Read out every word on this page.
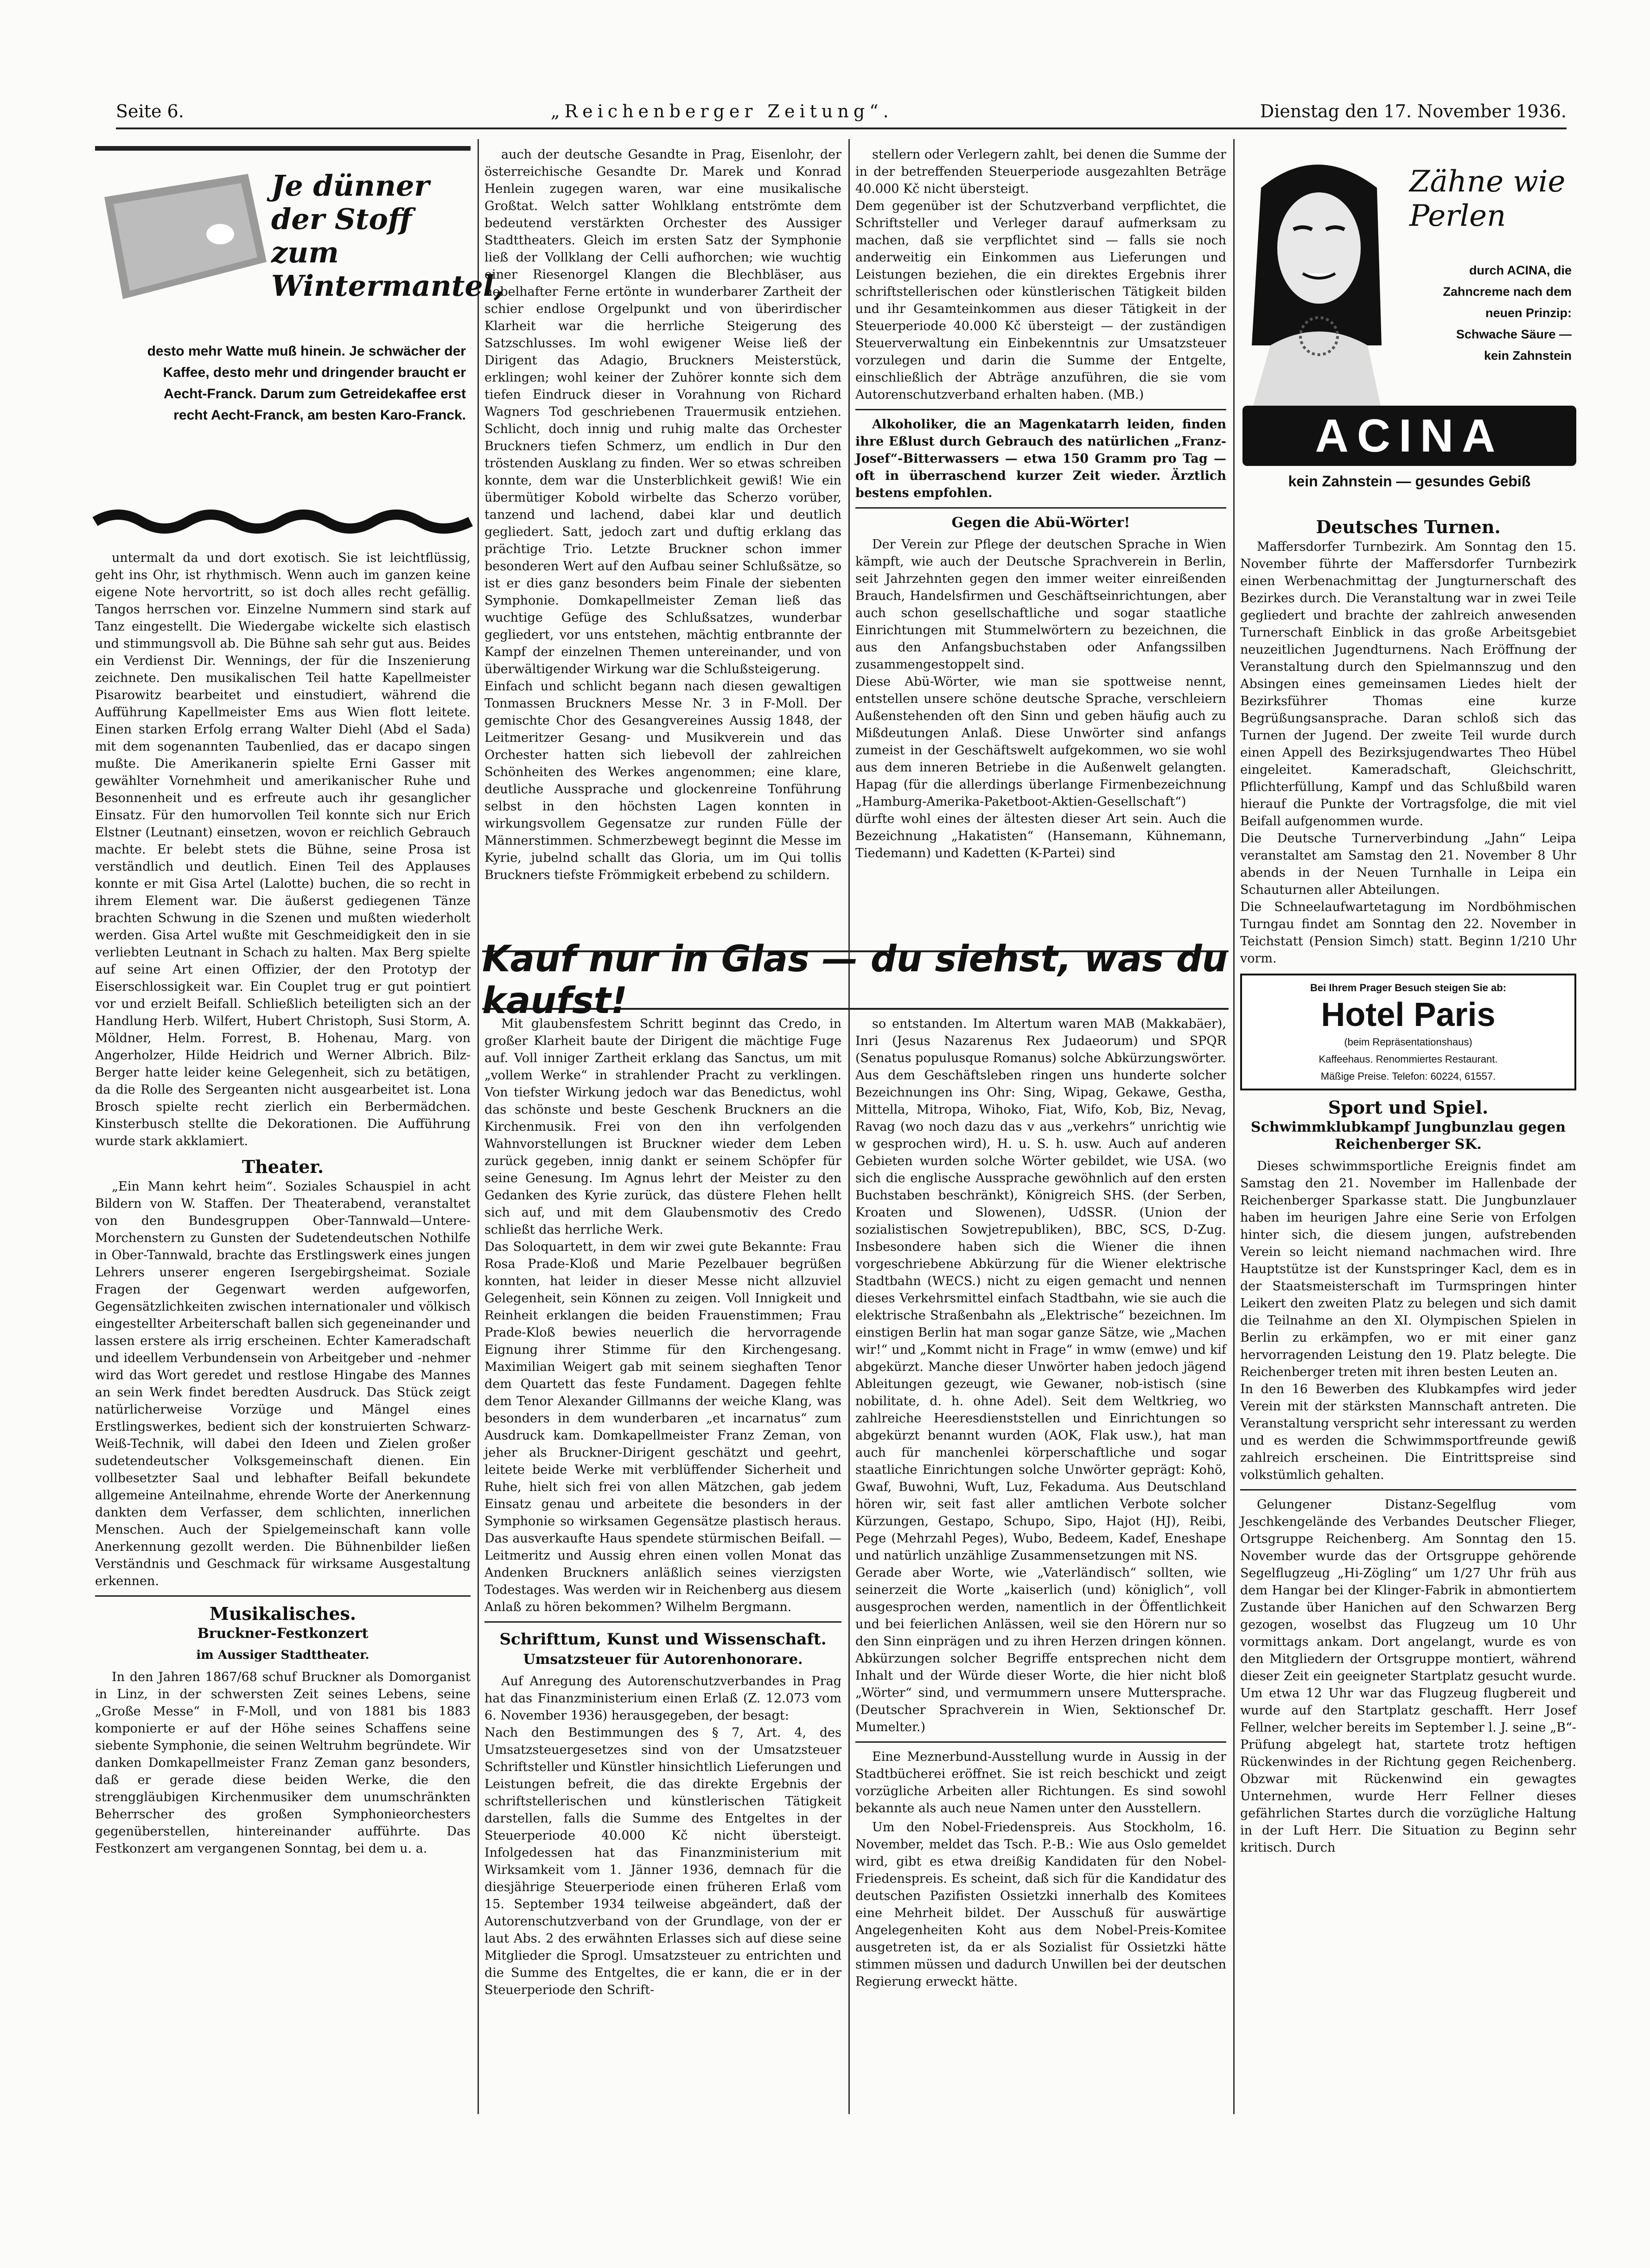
Seite 6.	„Reichenberger Zeitung“.	Dienstag den 17. November 1936.
Je dünner der Stoff zum Wintermantel,
desto mehr Watte muß hinein. Je schwächer der Kaffee, desto mehr und dringender braucht er Aecht-Franck. Darum zum Getreidekaffee erst recht Aecht-Franck, am besten Karo-Franck.

untermalt da und dort exotisch. Sie ist leichtflüssig, geht ins Ohr, ist rhythmisch. Wenn auch im ganzen keine eigene Note hervortritt, so ist doch alles recht gefällig. Tangos herrschen vor. Einzelne Nummern sind stark auf Tanz eingestellt. Die Wiedergabe wickelte sich elastisch und stimmungsvoll ab. Die Bühne sah sehr gut aus. Beides ein Verdienst Dir. Wennings, der für die Inszenierung zeichnete. Den musikalischen Teil hatte Kapellmeister Pisarowitz bearbeitet und einstudiert, während die Aufführung Kapellmeister Ems aus Wien flott leitete. Einen starken Erfolg errang Walter Diehl (Abd el Sada) mit dem sogenannten Taubenlied, das er dacapo singen mußte. Die Amerikanerin spielte Erni Gasser mit gewählter Vornehmheit und amerikanischer Ruhe und Besonnenheit und es erfreute auch ihr gesanglicher Einsatz. Für den humorvollen Teil konnte sich nur Erich Elstner (Leutnant) einsetzen, wovon er reichlich Gebrauch machte. Er belebt stets die Bühne, seine Prosa ist verständlich und deutlich. Einen Teil des Applauses konnte er mit Gisa Artel (Lalotte) buchen, die so recht in ihrem Element war. Die äußerst gediegenen Tänze brachten Schwung in die Szenen und mußten wiederholt werden. Gisa Artel wußte mit Geschmeidigkeit den in sie verliebten Leutnant in Schach zu halten. Max Berg spielte auf seine Art einen Offizier, der den Prototyp der Eiserschlossigkeit war. Ein Couplet trug er gut pointiert vor und erzielt Beifall. Schließlich beteiligten sich an der Handlung Herb. Wilfert, Hubert Christoph, Susi Storm, A. Möldner, Helm. Forrest, B. Hohenau, Marg. von Angerholzer, Hilde Heidrich und Werner Albrich. Bilz-Berger hatte leider keine Gelegenheit, sich zu betätigen, da die Rolle des Sergeanten nicht ausgearbeitet ist. Lona Brosch spielte recht zierlich ein Berbermädchen. Kinsterbusch stellte die Dekorationen. Die Aufführung wurde stark akklamiert.

Theater.

„Ein Mann kehrt heim“. Soziales Schauspiel in acht Bildern von W. Staffen. Der Theaterabend, veranstaltet von den Bundesgruppen Ober-Tannwald—Untere-Morchenstern zu Gunsten der Sudetendeutschen Nothilfe in Ober-Tannwald, brachte das Erstlingswerk eines jungen Lehrers unserer engeren Isergebirgsheimat. Soziale Fragen der Gegenwart werden aufgeworfen, Gegensätzlichkeiten zwischen internationaler und völkisch eingestellter Arbeiterschaft ballen sich gegeneinander und lassen erstere als irrig erscheinen. Echter Kameradschaft und ideellem Verbundensein von Arbeitgeber und -nehmer wird das Wort geredet und restlose Hingabe des Mannes an sein Werk findet beredten Ausdruck. Das Stück zeigt natürlicherweise Vorzüge und Mängel eines Erstlingswerkes, bedient sich der konstruierten Schwarz-Weiß-Technik, will dabei den Ideen und Zielen großer sudetendeutscher Volksgemeinschaft dienen. Ein vollbesetzter Saal und lebhafter Beifall bekundete allgemeine Anteilnahme, ehrende Worte der Anerkennung dankten dem Verfasser, dem schlichten, innerlichen Menschen. Auch der Spielgemeinschaft kann volle Anerkennung gezollt werden. Die Bühnenbilder ließen Verständnis und Geschmack für wirksame Ausgestaltung erkennen.

Musikalisches.
Bruckner-Festkonzert
im Aussiger Stadttheater.

In den Jahren 1867/68 schuf Bruckner als Domorganist in Linz, in der schwersten Zeit seines Lebens, seine „Große Messe“ in F-Moll, und von 1881 bis 1883 komponierte er auf der Höhe seines Schaffens seine siebente Symphonie, die seinen Weltruhm begründete. Wir danken Domkapellmeister Franz Zeman ganz besonders, daß er gerade diese beiden Werke, die den strenggläubigen Kirchenmusiker dem unumschränkten Beherrscher des großen Symphonieorchesters gegenüberstellen, hintereinander aufführte. Das Festkonzert am vergangenen Sonntag, bei dem u. a.

auch der deutsche Gesandte in Prag, Eisenlohr, der österreichische Gesandte Dr. Marek und Konrad Henlein zugegen waren, war eine musikalische Großtat. Welch satter Wohlklang entströmte dem bedeutend verstärkten Orchester des Aussiger Stadttheaters. Gleich im ersten Satz der Symphonie ließ der Vollklang der Celli aufhorchen; wie wuchtig einer Riesenorgel Klangen die Blechbläser, aus nebelhafter Ferne ertönte in wunderbarer Zartheit der schier endlose Orgelpunkt und von überirdischer Klarheit war die herrliche Steigerung des Satzschlusses. Im wohl ewigener Weise ließ der Dirigent das Adagio, Bruckners Meisterstück, erklingen; wohl keiner der Zuhörer konnte sich dem tiefen Eindruck dieser in Vorahnung von Richard Wagners Tod geschriebenen Trauermusik entziehen. Schlicht, doch innig und ruhig malte das Orchester Bruckners tiefen Schmerz, um endlich in Dur den tröstenden Ausklang zu finden. Wer so etwas schreiben konnte, dem war die Unsterblichkeit gewiß! Wie ein übermütiger Kobold wirbelte das Scherzo vorüber, tanzend und lachend, dabei klar und deutlich gegliedert. Satt, jedoch zart und duftig erklang das prächtige Trio. Letzte Bruckner schon immer besonderen Wert auf den Aufbau seiner Schlußsätze, so ist er dies ganz besonders beim Finale der siebenten Symphonie. Domkapellmeister Zeman ließ das wuchtige Gefüge des Schlußsatzes, wunderbar gegliedert, vor uns entstehen, mächtig entbrannte der Kampf der einzelnen Themen untereinander, und von überwältigender Wirkung war die Schlußsteigerung.
Einfach und schlicht begann nach diesen gewaltigen Tonmassen Bruckners Messe Nr. 3 in F-Moll. Der gemischte Chor des Gesangvereines Aussig 1848, der Leitmeritzer Gesang- und Musikverein und das Orchester hatten sich liebevoll der zahlreichen Schönheiten des Werkes angenommen; eine klare, deutliche Aussprache und glockenreine Tonführung selbst in den höchsten Lagen konnten in wirkungsvollem Gegensatze zur runden Fülle der Männerstimmen. Schmerzbewegt beginnt die Messe im Kyrie, jubelnd schallt das Gloria, um im Qui tollis Bruckners tiefste Frömmigkeit erbebend zu schildern.

stellern oder Verlegern zahlt, bei denen die Summe der in der betreffenden Steuerperiode ausgezahlten Beträge 40.000 Kč nicht übersteigt.
Dem gegenüber ist der Schutzverband verpflichtet, die Schriftsteller und Verleger darauf aufmerksam zu machen, daß sie verpflichtet sind — falls sie noch anderweitig ein Einkommen aus Lieferungen und Leistungen beziehen, die ein direktes Ergebnis ihrer schriftstellerischen oder künstlerischen Tätigkeit bilden und ihr Gesamteinkommen aus dieser Tätigkeit in der Steuerperiode 40.000 Kč übersteigt — der zuständigen Steuerverwaltung ein Einbekenntnis zur Umsatzsteuer vorzulegen und darin die Summe der Entgelte, einschließlich der Abträge anzuführen, die sie vom Autorenschutzverband erhalten haben. (MB.)

Alkoholiker, die an Magenkatarrh leiden, finden ihre Eßlust durch Gebrauch des natürlichen „Franz-Josef“-Bitterwassers — etwa 150 Gramm pro Tag — oft in überraschend kurzer Zeit wieder. Ärztlich bestens empfohlen.

Gegen die Abü-Wörter!

Der Verein zur Pflege der deutschen Sprache in Wien kämpft, wie auch der Deutsche Sprachverein in Berlin, seit Jahrzehnten gegen den immer weiter einreißenden Brauch, Handelsfirmen und Geschäftseinrichtungen, aber auch schon gesellschaftliche und sogar staatliche Einrichtungen mit Stummelwörtern zu bezeichnen, die aus den Anfangsbuchstaben oder Anfangssilben zusammengestoppelt sind.
Diese Abü-Wörter, wie man sie spottweise nennt, entstellen unsere schöne deutsche Sprache, verschleiern Außenstehenden oft den Sinn und geben häufig auch zu Mißdeutungen Anlaß. Diese Unwörter sind anfangs zumeist in der Geschäftswelt aufgekommen, wo sie wohl aus dem inneren Betriebe in die Außenwelt gelangten. Hapag (für die allerdings überlange Firmenbezeichnung „Hamburg-Amerika-Paketboot-Aktien-Gesellschaft“) dürfte wohl eines der ältesten dieser Art sein. Auch die Bezeichnung „Hakatisten“ (Hansemann, Kühnemann, Tiedemann) und Kadetten (K-Partei) sind

Kauf nur in Glas — du siehst, was du kaufst!

Mit glaubensfestem Schritt beginnt das Credo, in großer Klarheit baute der Dirigent die mächtige Fuge auf. Voll inniger Zartheit erklang das Sanctus, um mit „vollem Werke“ in strahlender Pracht zu verklingen. Von tiefster Wirkung jedoch war das Benedictus, wohl das schönste und beste Geschenk Bruckners an die Kirchenmusik. Frei von den ihn verfolgenden Wahnvorstellungen ist Bruckner wieder dem Leben zurück gegeben, innig dankt er seinem Schöpfer für seine Genesung. Im Agnus lehrt der Meister zu den Gedanken des Kyrie zurück, das düstere Flehen hellt sich auf, und mit dem Glaubensmotiv des Credo schließt das herrliche Werk.
Das Soloquartett, in dem wir zwei gute Bekannte: Frau Rosa Prade-Kloß und Marie Pezelbauer begrüßen konnten, hat leider in dieser Messe nicht allzuviel Gelegenheit, sein Können zu zeigen. Voll Innigkeit und Reinheit erklangen die beiden Frauenstimmen; Frau Prade-Kloß bewies neuerlich die hervorragende Eignung ihrer Stimme für den Kirchengesang. Maximilian Weigert gab mit seinem sieghaften Tenor dem Quartett das feste Fundament. Dagegen fehlte dem Tenor Alexander Gillmanns der weiche Klang, was besonders in dem wunderbaren „et incarnatus“ zum Ausdruck kam. Domkapellmeister Franz Zeman, von jeher als Bruckner-Dirigent geschätzt und geehrt, leitete beide Werke mit verblüffender Sicherheit und Ruhe, hielt sich frei von allen Mätzchen, gab jedem Einsatz genau und arbeitete die besonders in der Symphonie so wirksamen Gegensätze plastisch heraus. Das ausverkaufte Haus spendete stürmischen Beifall. — Leitmeritz und Aussig ehren einen vollen Monat das Andenken Bruckners anläßlich seines vierzigsten Todestages. Was werden wir in Reichenberg aus diesem Anlaß zu hören bekommen? Wilhelm Bergmann.

Schrifttum, Kunst und Wissenschaft.
Umsatzsteuer für Autorenhonorare.

Auf Anregung des Autorenschutzverbandes in Prag hat das Finanzministerium einen Erlaß (Z. 12.073 vom 6. November 1936) herausgegeben, der besagt:
Nach den Bestimmungen des § 7, Art. 4, des Umsatzsteuergesetzes sind von der Umsatzsteuer Schriftsteller und Künstler hinsichtlich Lieferungen und Leistungen befreit, die das direkte Ergebnis der schriftstellerischen und künstlerischen Tätigkeit darstellen, falls die Summe des Entgeltes in der Steuerperiode 40.000 Kč nicht übersteigt. Infolgedessen hat das Finanzministerium mit Wirksamkeit vom 1. Jänner 1936, demnach für die diesjährige Steuerperiode einen früheren Erlaß vom 15. September 1934 teilweise abgeändert, daß der Autorenschutzverband von der Grundlage, von der er laut Abs. 2 des erwähnten Erlasses sich auf diese seine Mitglieder die Sprogl. Umsatzsteuer zu entrichten und die Summe des Entgeltes, die er kann, die er in der Steuerperiode den Schrift-

so entstanden. Im Altertum waren MAB (Makkabäer), Inri (Jesus Nazarenus Rex Judaeorum) und SPQR (Senatus populusque Romanus) solche Abkürzungswörter.
Aus dem Geschäftsleben ringen uns hunderte solcher Bezeichnungen ins Ohr: Sing, Wipag, Gekawe, Gestha, Mittella, Mitropa, Wihoko, Fiat, Wifo, Kob, Biz, Nevag, Ravag (wo noch dazu das v aus „verkehrs“ unrichtig wie w gesprochen wird), H. u. S. h. usw. Auch auf anderen Gebieten wurden solche Wörter gebildet, wie USA. (wo sich die englische Aussprache gewöhnlich auf den ersten Buchstaben beschränkt), Königreich SHS. (der Serben, Kroaten und Slowenen), UdSSR. (Union der sozialistischen Sowjetrepubliken), BBC, SCS, D-Zug. Insbesondere haben sich die Wiener die ihnen vorgeschriebene Abkürzung für die Wiener elektrische Stadtbahn (WECS.) nicht zu eigen gemacht und nennen dieses Verkehrsmittel einfach Stadtbahn, wie sie auch die elektrische Straßenbahn als „Elektrische“ bezeichnen. Im einstigen Berlin hat man sogar ganze Sätze, wie „Machen wir!“ und „Kommt nicht in Frage“ in wmw (emwe) und kif abgekürzt. Manche dieser Unwörter haben jedoch jägend Ableitungen gezeugt, wie Gewaner, nob-istisch (sine nobilitate, d. h. ohne Adel). Seit dem Weltkrieg, wo zahlreiche Heeresdienststellen und Einrichtungen so abgekürzt benannt wurden (AOK, Flak usw.), hat man auch für manchenlei körperschaftliche und sogar staatliche Einrichtungen solche Unwörter geprägt: Kohö, Gwaf, Buwohni, Wuft, Luz, Fekaduma. Aus Deutschland hören wir, seit fast aller amtlichen Verbote solcher Kürzungen, Gestapo, Schupo, Sipo, Hajot (HJ), Reibi, Pege (Mehrzahl Peges), Wubo, Bedeem, Kadef, Eneshape und natürlich unzählige Zusammensetzungen mit NS.
Gerade aber Worte, wie „Vaterländisch“ sollten, wie seinerzeit die Worte „kaiserlich (und) königlich“, voll ausgesprochen werden, namentlich in der Öffentlichkeit und bei feierlichen Anlässen, weil sie den Hörern nur so den Sinn einprägen und zu ihren Herzen dringen können. Abkürzungen solcher Begriffe entsprechen nicht dem Inhalt und der Würde dieser Worte, die hier nicht bloß „Wörter“ sind, und vermummern unsere Muttersprache. (Deutscher Sprachverein in Wien, Sektionschef Dr. Mumelter.)

Eine Meznerbund-Ausstellung wurde in Aussig in der Stadtbücherei eröffnet. Sie ist reich beschickt und zeigt vorzügliche Arbeiten aller Richtungen. Es sind sowohl bekannte als auch neue Namen unter den Ausstellern.

Um den Nobel-Friedenspreis. Aus Stockholm, 16. November, meldet das Tsch. P.-B.: Wie aus Oslo gemeldet wird, gibt es etwa dreißig Kandidaten für den Nobel-Friedenspreis. Es scheint, daß sich für die Kandidatur des deutschen Pazifisten Ossietzki innerhalb des Komitees eine Mehrheit bildet. Der Ausschuß für auswärtige Angelegenheiten Koht aus dem Nobel-Preis-Komitee ausgetreten ist, da er als Sozialist für Ossietzki hätte stimmen müssen und dadurch Unwillen bei der deutschen Regierung erweckt hätte.

Zähne wie Perlen
durch ACINA, die Zahncreme nach dem neuen Prinzip: Schwache Säure — kein Zahnstein
ACINA
kein Zahnstein — gesundes Gebiß
Deutsches Turnen.

Maffersdorfer Turnbezirk. Am Sonntag den 15. November führte der Maffersdorfer Turnbezirk einen Werbenachmittag der Jungturnerschaft des Bezirkes durch. Die Veranstaltung war in zwei Teile gegliedert und brachte der zahlreich anwesenden Turnerschaft Einblick in das große Arbeitsgebiet neuzeitlichen Jugendturnens. Nach Eröffnung der Veranstaltung durch den Spielmannszug und den Absingen eines gemeinsamen Liedes hielt der Bezirksführer Thomas eine kurze Begrüßungsansprache. Daran schloß sich das Turnen der Jugend. Der zweite Teil wurde durch einen Appell des Bezirksjugendwartes Theo Hübel eingeleitet. Kameradschaft, Gleichschritt, Pflichterfüllung, Kampf und das Schlußbild waren hierauf die Punkte der Vortragsfolge, die mit viel Beifall aufgenommen wurde.
Die Deutsche Turnerverbindung „Jahn“ Leipa veranstaltet am Samstag den 21. November 8 Uhr abends in der Neuen Turnhalle in Leipa ein Schauturnen aller Abteilungen.
Die Schneelaufwartetagung im Nordböhmischen Turngau findet am Sonntag den 22. November in Teichstatt (Pension Simch) statt. Beginn 1/210 Uhr vorm.

Bei Ihrem Prager Besuch steigen Sie ab:
Hotel Paris
(beim Repräsentationshaus)
Kaffeehaus. Renommiertes Restaurant.
Mäßige Preise. Telefon: 60224, 61557.
Sport und Spiel.
Schwimmklubkampf Jungbunzlau gegen Reichenberger SK.

Dieses schwimmsportliche Ereignis findet am Samstag den 21. November im Hallenbade der Reichenberger Sparkasse statt. Die Jungbunzlauer haben im heurigen Jahre eine Serie von Erfolgen hinter sich, die diesem jungen, aufstrebenden Verein so leicht niemand nachmachen wird. Ihre Hauptstütze ist der Kunstspringer Kacl, dem es in der Staatsmeisterschaft im Turmspringen hinter Leikert den zweiten Platz zu belegen und sich damit die Teilnahme an den XI. Olympischen Spielen in Berlin zu erkämpfen, wo er mit einer ganz hervorragenden Leistung den 19. Platz belegte. Die Reichenberger treten mit ihren besten Leuten an.
In den 16 Bewerben des Klubkampfes wird jeder Verein mit der stärksten Mannschaft antreten. Die Veranstaltung verspricht sehr interessant zu werden und es werden die Schwimmsportfreunde gewiß zahlreich erscheinen. Die Eintrittspreise sind volkstümlich gehalten.

Gelungener Distanz-Segelflug vom Jeschkengelände des Verbandes Deutscher Flieger, Ortsgruppe Reichenberg. Am Sonntag den 15. November wurde das der Ortsgruppe gehörende Segelflugzeug „Hi-Zögling“ um 1/27 Uhr früh aus dem Hangar bei der Klinger-Fabrik in abmontiertem Zustande über Hanichen auf den Schwarzen Berg gezogen, woselbst das Flugzeug um 10 Uhr vormittags ankam. Dort angelangt, wurde es von den Mitgliedern der Ortsgruppe montiert, während dieser Zeit ein geeigneter Startplatz gesucht wurde. Um etwa 12 Uhr war das Flugzeug flugbereit und wurde auf den Startplatz geschafft. Herr Josef Fellner, welcher bereits im September l. J. seine „B“-Prüfung abgelegt hat, startete trotz heftigen Rückenwindes in der Richtung gegen Reichenberg. Obzwar mit Rückenwind ein gewagtes Unternehmen, wurde Herr Fellner dieses gefährlichen Startes durch die vorzügliche Haltung in der Luft Herr. Die Situation zu Beginn sehr kritisch. Durch
